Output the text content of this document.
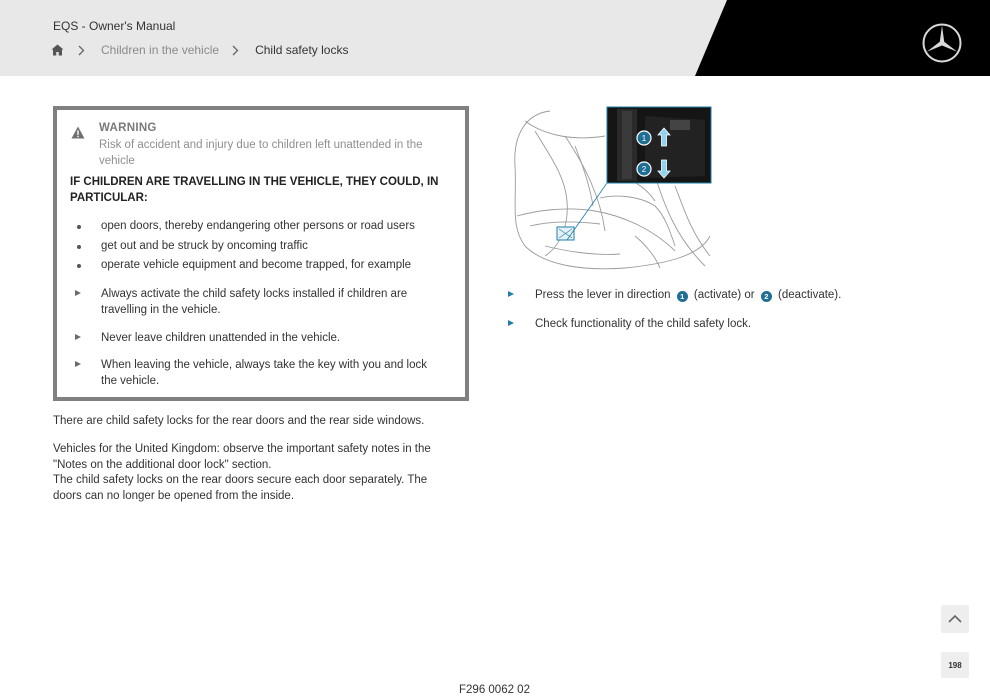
EQS - Owner's Manual
Children in the vehicle	Child safety locks
WARNING
Risk of accident and injury due to children left unattended in the vehicle
IF CHILDREN ARE TRAVELLING IN THE VEHICLE, THEY COULD, IN PARTICULAR:
open doors, thereby endangering other persons or road users
get out and be struck by oncoming traffic
operate vehicle equipment and become trapped, for example
Always activate the child safety locks installed if children are travelling in the vehicle.
Never leave children unattended in the vehicle.
When leaving the vehicle, always take the key with you and lock the vehicle.
There are child safety locks for the rear doors and the rear side windows.
Vehicles for the United Kingdom: observe the important safety notes in the "Notes on the additional door lock" section.
The child safety locks on the rear doors secure each door separately. The doors can no longer be opened from the inside.
1
2
Press the lever in direction 1 (activate) or 2 (deactivate).
Check functionality of the child safety lock.
F296 0062 02
198
